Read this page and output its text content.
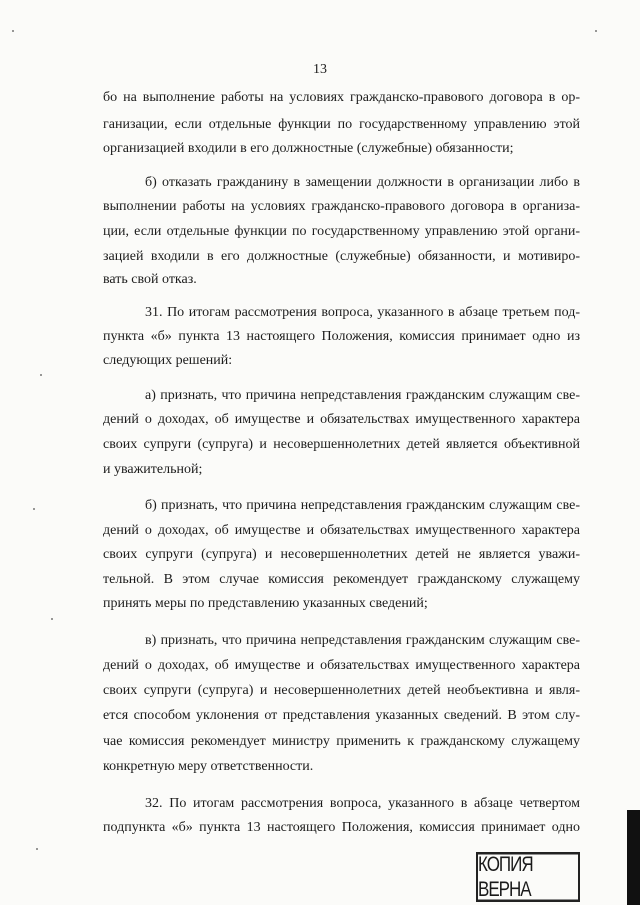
13
бо на выполнение работы на условиях гражданско-правового договора в ор-
ганизации, если отдельные функции по государственному управлению этой
организацией входили в его должностные (служебные) обязанности;
б) отказать гражданину в замещении должности в организации либо в
выполнении работы на условиях гражданско-правового договора в организа-
ции, если отдельные функции по государственному управлению этой органи-
зацией входили в его должностные (служебные) обязанности, и мотивиро-
вать свой отказ.
31. По итогам рассмотрения вопроса, указанного в абзаце третьем под-
пункта «б» пункта 13 настоящего Положения, комиссия принимает одно из
следующих решений:
а) признать, что причина непредставления гражданским служащим све-
дений о доходах, об имуществе и обязательствах имущественного характера
своих супруги (супруга) и несовершеннолетних детей является объективной
и уважительной;
б) признать, что причина непредставления гражданским служащим све-
дений о доходах, об имуществе и обязательствах имущественного характера
своих супруги (супруга) и несовершеннолетних детей не является уважи-
тельной. В этом случае комиссия рекомендует гражданскому служащему
принять меры по представлению указанных сведений;
в) признать, что причина непредставления гражданским служащим све-
дений о доходах, об имуществе и обязательствах имущественного характера
своих супруги (супруга) и несовершеннолетних детей необъективна и явля-
ется способом уклонения от представления указанных сведений. В этом слу-
чае комиссия рекомендует министру применить к гражданскому служащему
конкретную меру ответственности.
32. По итогам рассмотрения вопроса, указанного в абзаце четвертом
подпункта «б» пункта 13 настоящего Положения, комиссия принимает одно
КОПИЯ ВЕРНА
